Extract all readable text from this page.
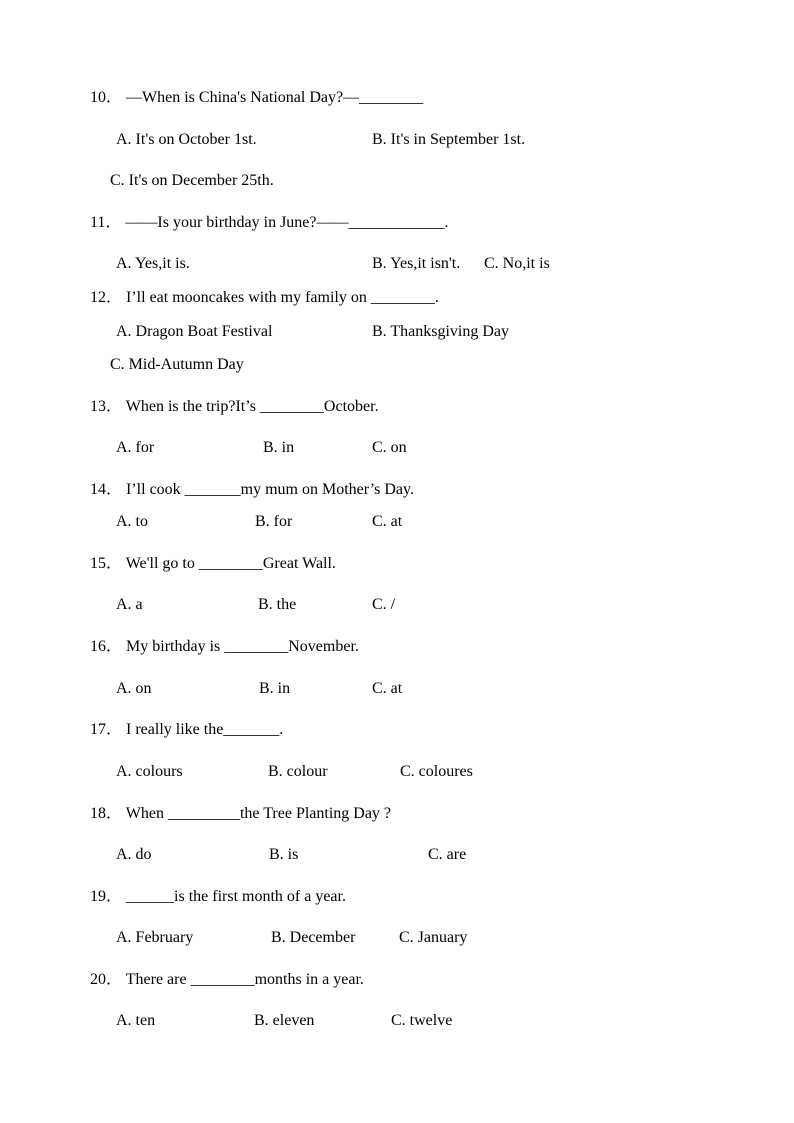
10． —When is China's National Day?—________
A. It's on October 1st.	B. It's in September 1st.
C. It's on December 25th.
11． ——Is your birthday in June?——____________.
A. Yes,it is.	B. Yes,it isn't. C. No,it is
12． I’ll eat mooncakes with my family on ________.
A. Dragon Boat Festival	B. Thanksgiving Day
C. Mid-Autumn Day
13． When is the trip?It’s ________October.
A. for	B. in	C. on
14． I’ll cook _______my mum on Mother’s Day.
A. to	B. for	C. at
15． We'll go to ________Great Wall.
A. a	B. the	C. /
16． My birthday is ________November.
A. on	B. in	C. at
17． I really like the_______.
A. colours	B. colour	C. coloures
18． When _________the Tree Planting Day ?
A. do	B. is	C. are
19． ______is the first month of a year.
A. February	B. December	C. January
20． There are ________months in a year.
A. ten	B. eleven	C. twelve
